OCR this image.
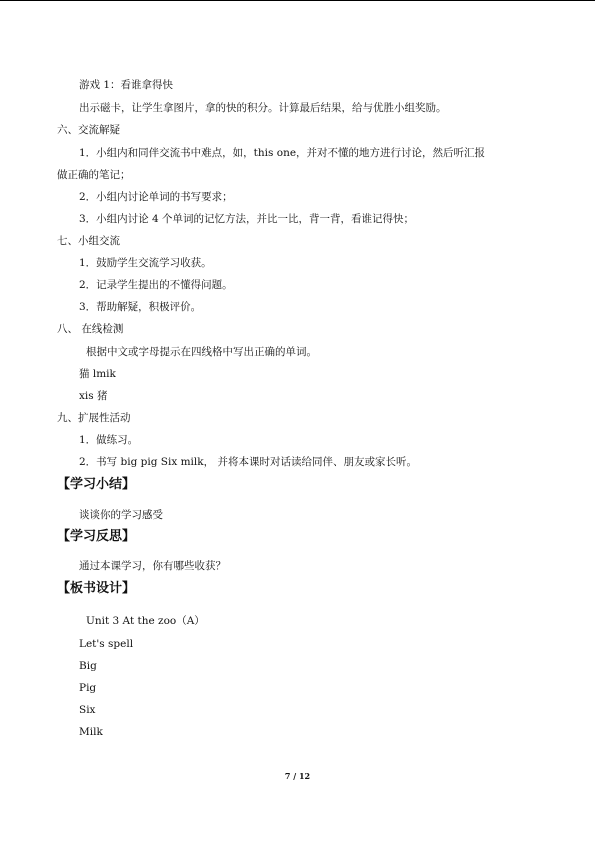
游戏 1：看谁拿得快
出示磁卡，让学生拿图片，拿的快的积分。计算最后结果，给与优胜小组奖励。
六、交流解疑
1．小组内和同伴交流书中难点，如，this one，并对不懂的地方进行讨论，然后听汇报
做正确的笔记；
2．小组内讨论单词的书写要求；
3．小组内讨论 4 个单词的记忆方法，并比一比，背一背，看谁记得快；
七、小组交流
1．鼓励学生交流学习收获。
2．记录学生提出的不懂得问题。
3．帮助解疑，积极评价。
八、 在线检测
根据中文或字母提示在四线格中写出正确的单词。
猫 lmik
xis 猪
九、扩展性活动
1．做练习。
2．书写 big pig Six milk， 并将本课时对话读给同伴、朋友或家长听。
【学习小结】
谈谈你的学习感受
【学习反思】
通过本课学习，你有哪些收获？
【板书设计】
Unit 3 At the zoo（A）
Let's spell
Big
Pig
Six
Milk
7 / 12
